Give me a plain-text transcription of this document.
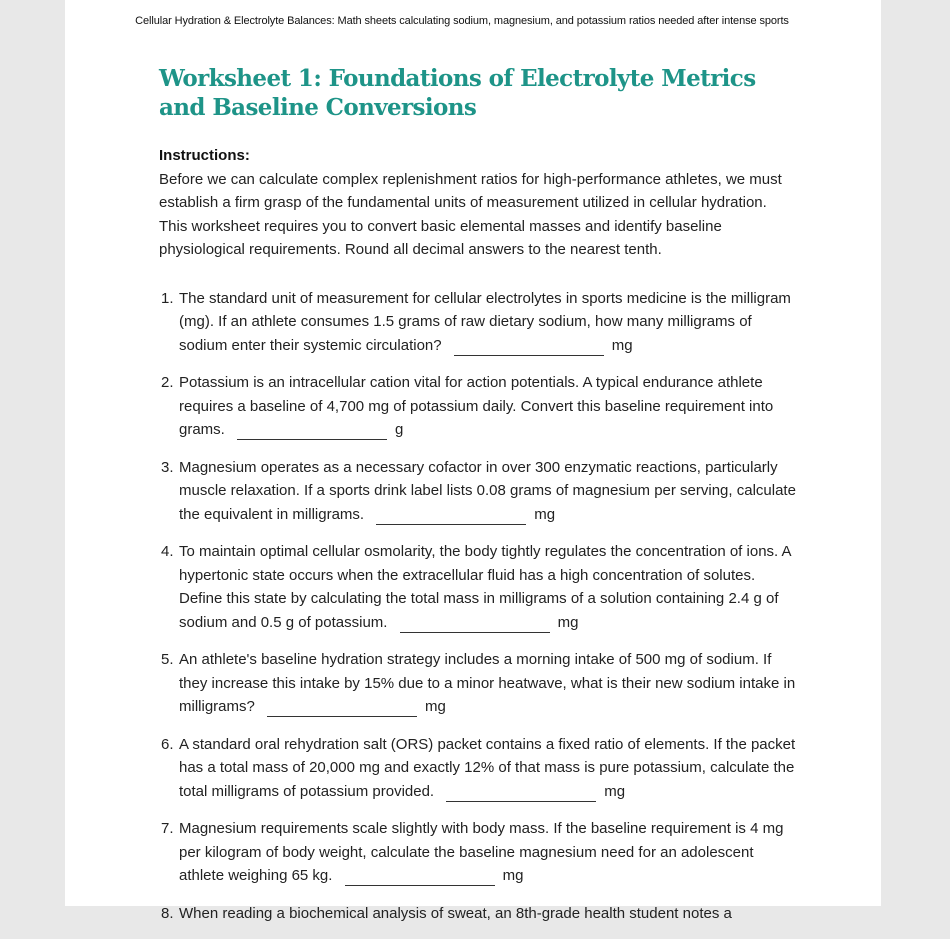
Cellular Hydration & Electrolyte Balances: Math sheets calculating sodium, magnesium, and potassium ratios needed after intense sports
Worksheet 1: Foundations of Electrolyte Metrics and Baseline Conversions
Instructions:
Before we can calculate complex replenishment ratios for high-performance athletes, we must establish a firm grasp of the fundamental units of measurement utilized in cellular hydration. This worksheet requires you to convert basic elemental masses and identify baseline physiological requirements. Round all decimal answers to the nearest tenth.
1. The standard unit of measurement for cellular electrolytes in sports medicine is the milligram (mg). If an athlete consumes 1.5 grams of raw dietary sodium, how many milligrams of sodium enter their systemic circulation?	mg
2. Potassium is an intracellular cation vital for action potentials. A typical endurance athlete requires a baseline of 4,700 mg of potassium daily. Convert this baseline requirement into grams.	g
3. Magnesium operates as a necessary cofactor in over 300 enzymatic reactions, particularly muscle relaxation. If a sports drink label lists 0.08 grams of magnesium per serving, calculate the equivalent in milligrams.	mg
4. To maintain optimal cellular osmolarity, the body tightly regulates the concentration of ions. A hypertonic state occurs when the extracellular fluid has a high concentration of solutes. Define this state by calculating the total mass in milligrams of a solution containing 2.4 g of sodium and 0.5 g of potassium.	mg
5. An athlete's baseline hydration strategy includes a morning intake of 500 mg of sodium. If they increase this intake by 15% due to a minor heatwave, what is their new sodium intake in milligrams?	mg
6. A standard oral rehydration salt (ORS) packet contains a fixed ratio of elements. If the packet has a total mass of 20,000 mg and exactly 12% of that mass is pure potassium, calculate the total milligrams of potassium provided.	mg
7. Magnesium requirements scale slightly with body mass. If the baseline requirement is 4 mg per kilogram of body weight, calculate the baseline magnesium need for an adolescent athlete weighing 65 kg.	mg
8. When reading a biochemical analysis of sweat, an 8th-grade health student notes a
